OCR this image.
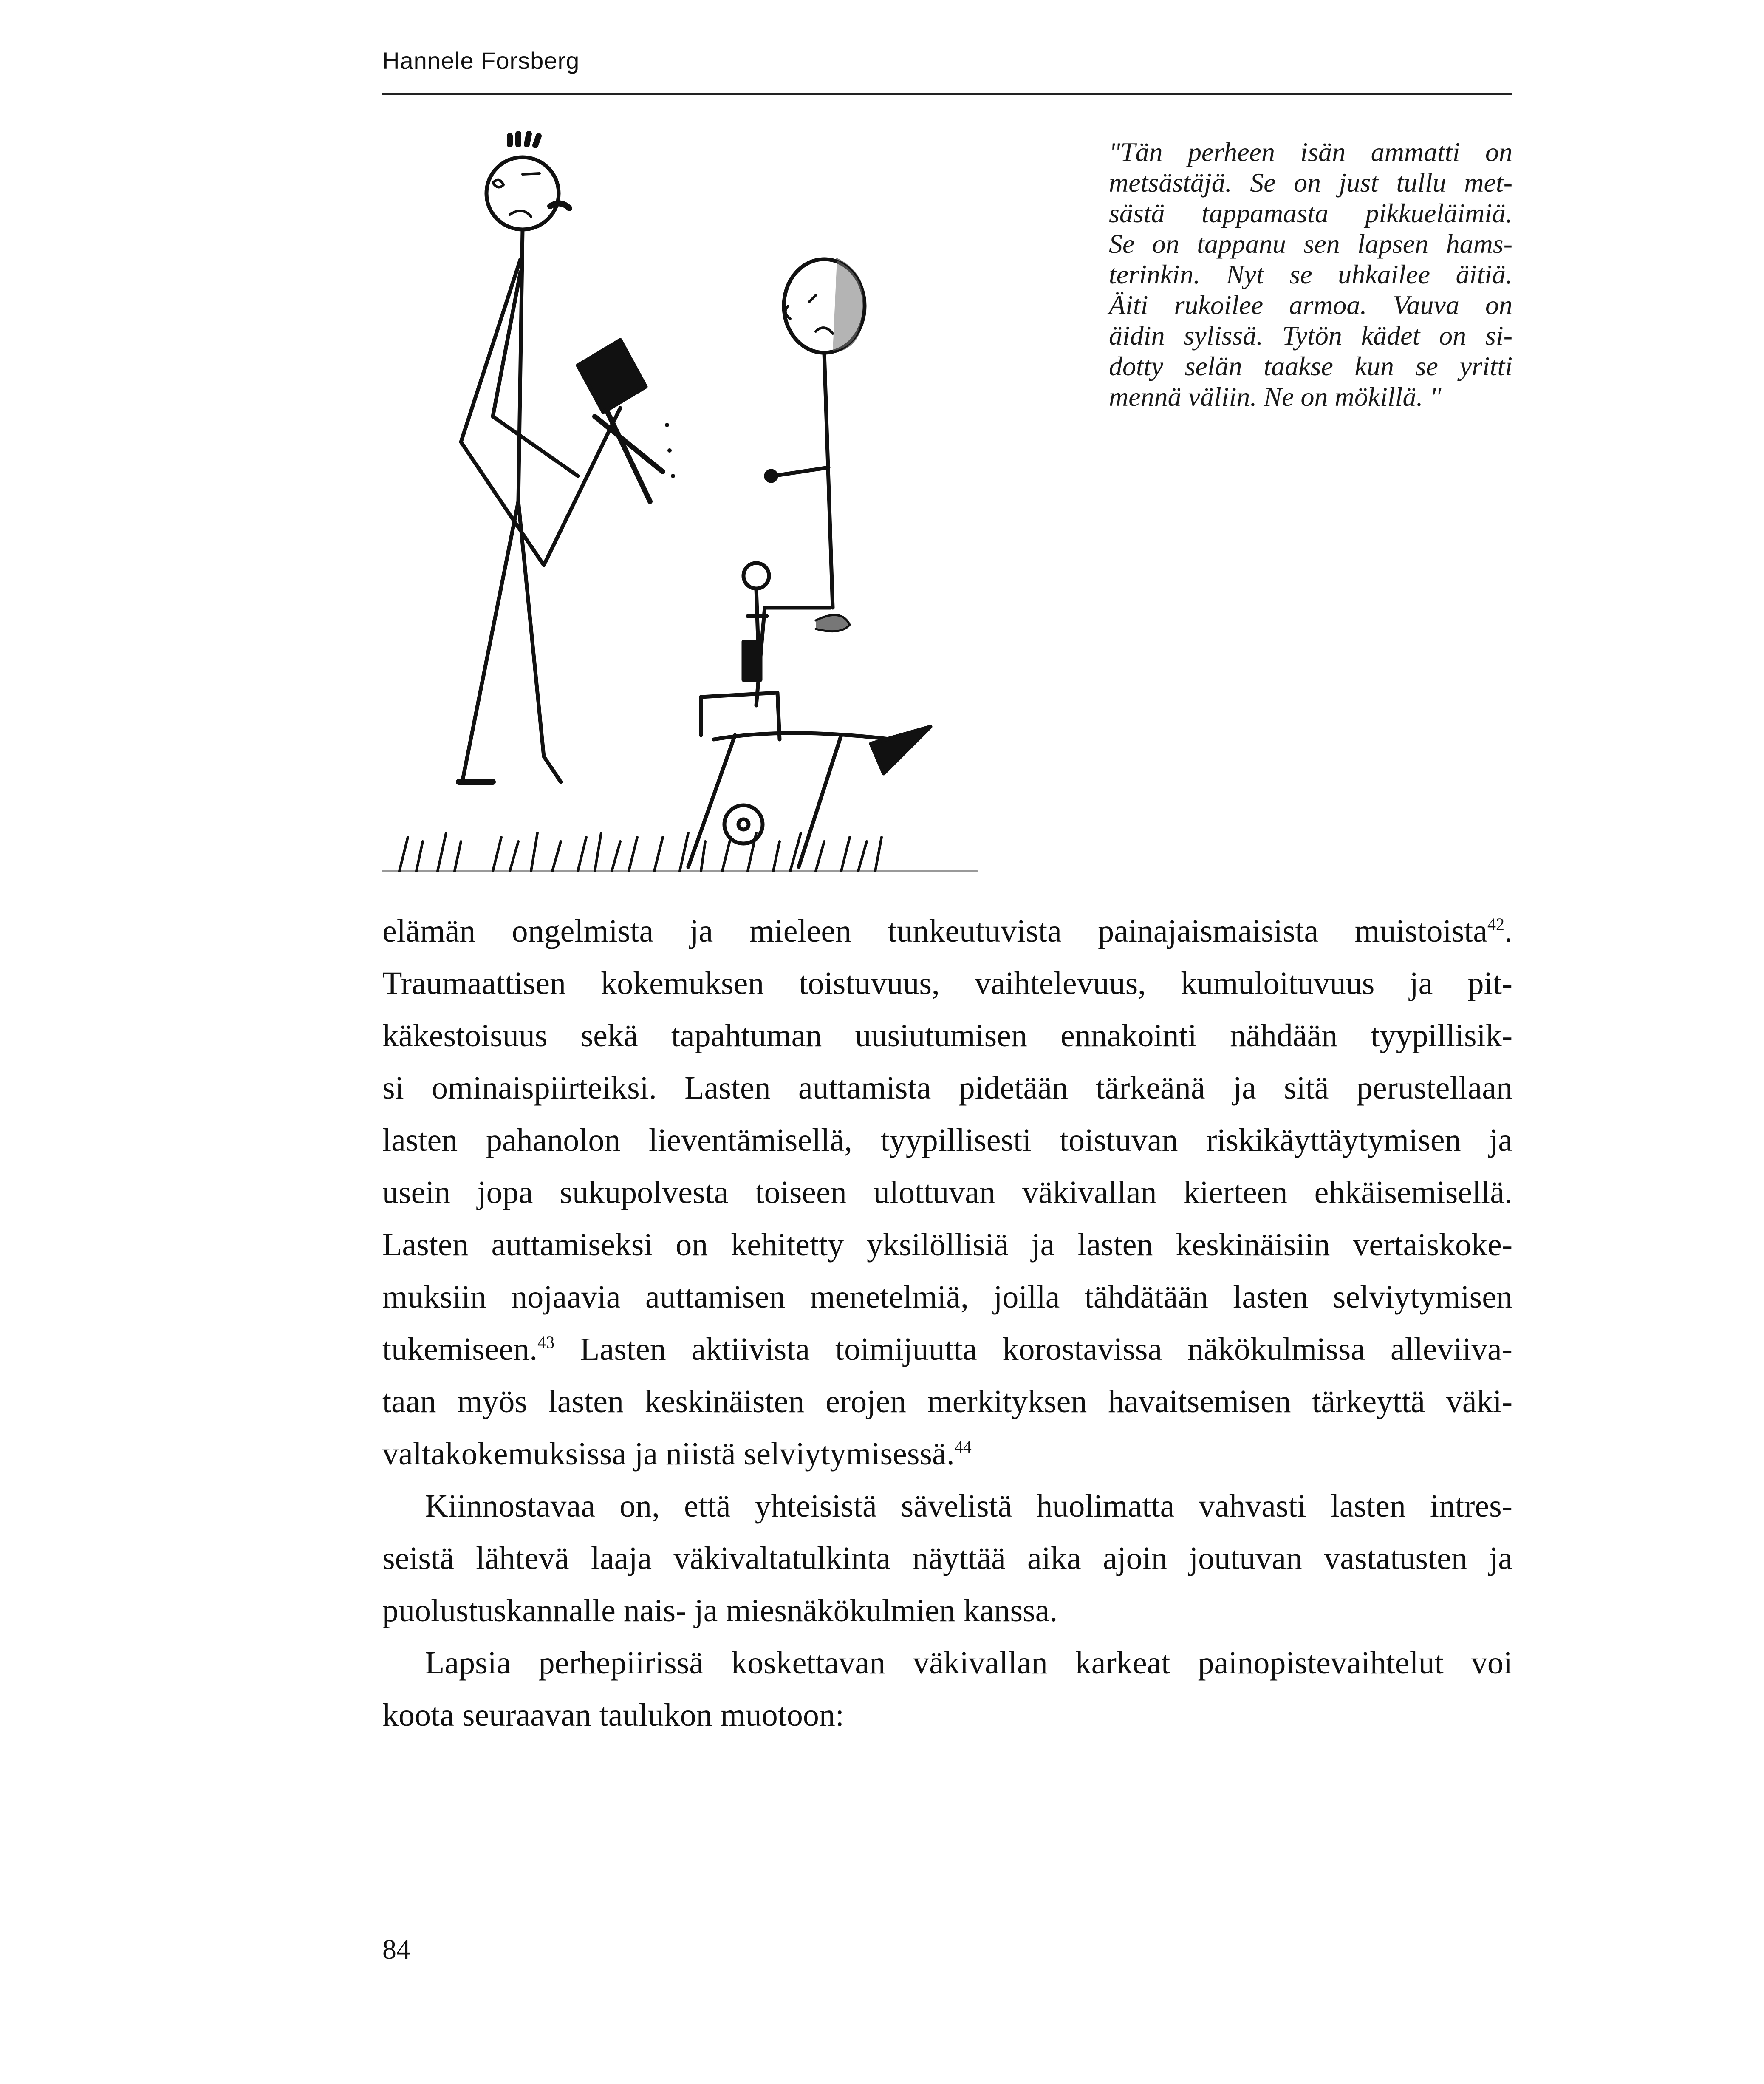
Hannele Forsberg
"Tän perheen isän ammatti on
metsästäjä. Se on just tullu met-
sästä tappamasta pikkueläimiä.
Se on tappanu sen lapsen hams-
terinkin. Nyt se uhkailee äitiä.
Äiti rukoilee armoa. Vauva on
äidin sylissä. Tytön kädet on si-
dotty selän taakse kun se yritti
mennä väliin. Ne on mökillä. "

elämän ongelmista ja mieleen tunkeutuvista painajaismaisista muistoista$^{42}$.
Traumaattisen kokemuksen toistuvuus, vaihtelevuus, kumuloituvuus ja pit-
käkestoisuus sekä tapahtuman uusiutumisen ennakointi nähdään tyypillisik-
si ominaispiirteiksi. Lasten auttamista pidetään tärkeänä ja sitä perustellaan
lasten pahanolon lieventämisellä, tyypillisesti toistuvan riskikäyttäytymisen ja
usein jopa sukupolvesta toiseen ulottuvan väkivallan kierteen ehkäisemisellä.
Lasten auttamiseksi on kehitetty yksilöllisiä ja lasten keskinäisiin vertaiskoke-
muksiin nojaavia auttamisen menetelmiä, joilla tähdätään lasten selviytymisen
tukemiseen.$^{43}$ Lasten aktiivista toimijuutta korostavissa näkökulmissa alleviiva-
taan myös lasten keskinäisten erojen merkityksen havaitsemisen tärkeyttä väki-
valtakokemuksissa ja niistä selviytymisessä.$^{44}$

Kiinnostavaa on, että yhteisistä sävelistä huolimatta vahvasti lasten intres-
seistä lähtevä laaja väkivaltatulkinta näyttää aika ajoin joutuvan vastatusten ja
puolustuskannalle nais- ja miesnäkökulmien kanssa.

Lapsia perhepiirissä koskettavan väkivallan karkeat painopistevaihtelut voi
koota seuraavan taulukon muotoon:

84
